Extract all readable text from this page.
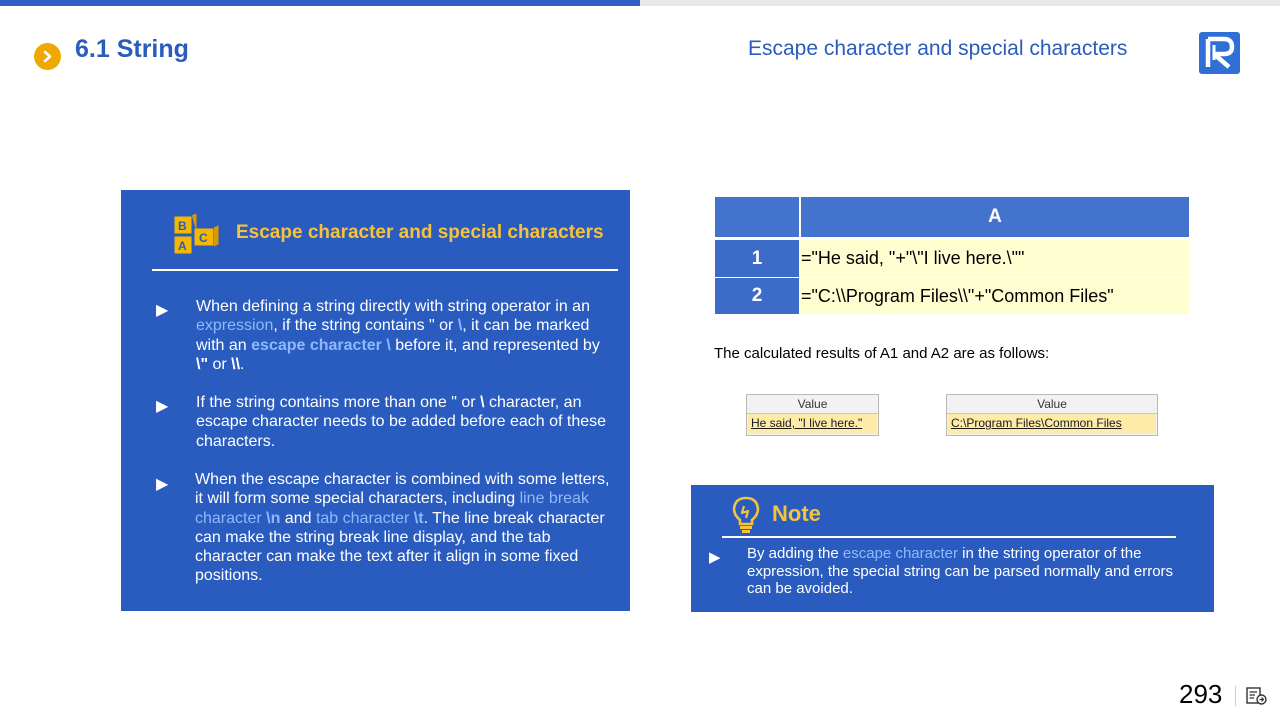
6.1 String	Escape character and special characters
B
A
C Escape character and special characters
▶ When defining a string directly with string operator in an expression, if the string contains " or \, it can be marked with an escape character \ before it, and represented by \" or \\.
▶ If the string contains more than one " or \ character, an escape character needs to be added before each of these characters.
▶ When the escape character is combined with some letters, it will form some special characters, including line break character \n and tab character \t. The line break character can make the string break line display, and the tab character can make the text after it align in some fixed positions.
A
1	="He said, "+"\"I live here.\""
2	="C:\\Program Files\\"+"Common Files"
The calculated results of A1 and A2 are as follows:
Value
He said, "I live here."
Value
C:\Program Files\Common Files
Note
▶ By adding the escape character in the string operator of the expression, the special string can be parsed normally and errors can be avoided.
293
